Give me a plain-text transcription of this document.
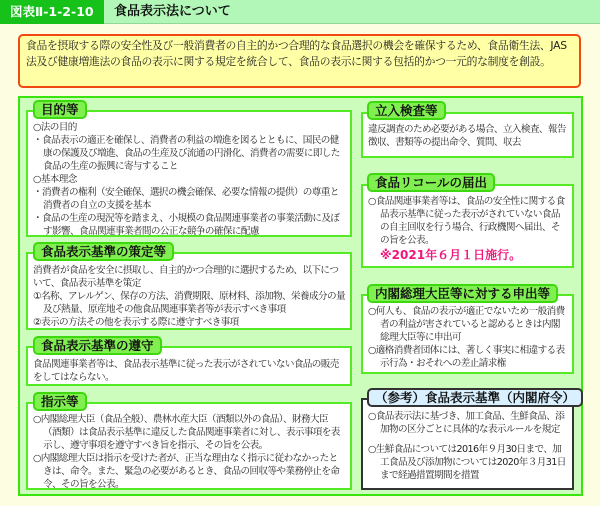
図表Ⅱ-1-2-10	食品表示法について
食品を摂取する際の安全性及び一般消費者の自主的かつ合理的な食品選択の機会を確保するため、食品衛生法、JAS法及び健康増進法の食品の表示に関する規定を統合して、食品の表示に関する包括的かつ一元的な制度を創設。
○法の目的
・食品表示の適正を確保し、消費者の利益の増進を図るとともに、国民の健康の保護及び増進、食品の生産及び流通の円滑化、消費者の需要に即した食品の生産の振興に寄与すること
○基本理念
・消費者の権利（安全確保、選択の機会確保、必要な情報の提供）の尊重と消費者の自立の支援を基本
・食品の生産の現況等を踏まえ、小規模の食品関連事業者の事業活動に及ぼす影響、食品関連事業者間の公正な競争の確保に配慮
目的等
消費者が食品を安全に摂取し、自主的かつ合理的に選択するため、以下について、食品表示基準を策定
①名称、アレルゲン、保存の方法、消費期限、原材料、添加物、栄養成分の量及び熱量、原産地その他食品関連事業者等が表示すべき事項
②表示の方法その他を表示する際に遵守すべき事項
食品表示基準の策定等
食品関連事業者等は、食品表示基準に従った表示がされていない食品の販売をしてはならない。
食品表示基準の遵守
○内閣総理大臣（食品全般）、農林水産大臣（酒類以外の食品）、財務大臣（酒類）は食品表示基準に違反した食品関連事業者に対し、表示事項を表示し、遵守事項を遵守すべき旨を指示、その旨を公表。
○内閣総理大臣は指示を受けた者が、正当な理由なく指示に従わなかったときは、命令。また、緊急の必要があるとき、食品の回収等や業務停止を命令、その旨を公表。
指示等
違反調査のため必要がある場合、立入検査、報告徴収、書類等の提出命令、質問、収去
立入検査等
○食品関連事業者等は、食品の安全性に関する食品表示基準に従った表示がされていない食品の自主回収を行う場合、行政機関へ届出、その旨を公表。
※2021年６月１日施行。
食品リコールの届出
○何人も、食品の表示が適正でないため一般消費者の利益が害されていると認めるときは内閣総理大臣等に申出可
○適格消費者団体には、著しく事実に相違する表示行為・おそれへの差止請求権
内閣総理大臣等に対する申出等
○食品表示法に基づき、加工食品、生鮮食品、添加物の区分ごとに具体的な表示ルールを規定
○生鮮食品については2016年９月30日まで、加工食品及び添加物については2020年３月31日まで経過措置期間を措置
（参考）食品表示基準（内閣府令）
